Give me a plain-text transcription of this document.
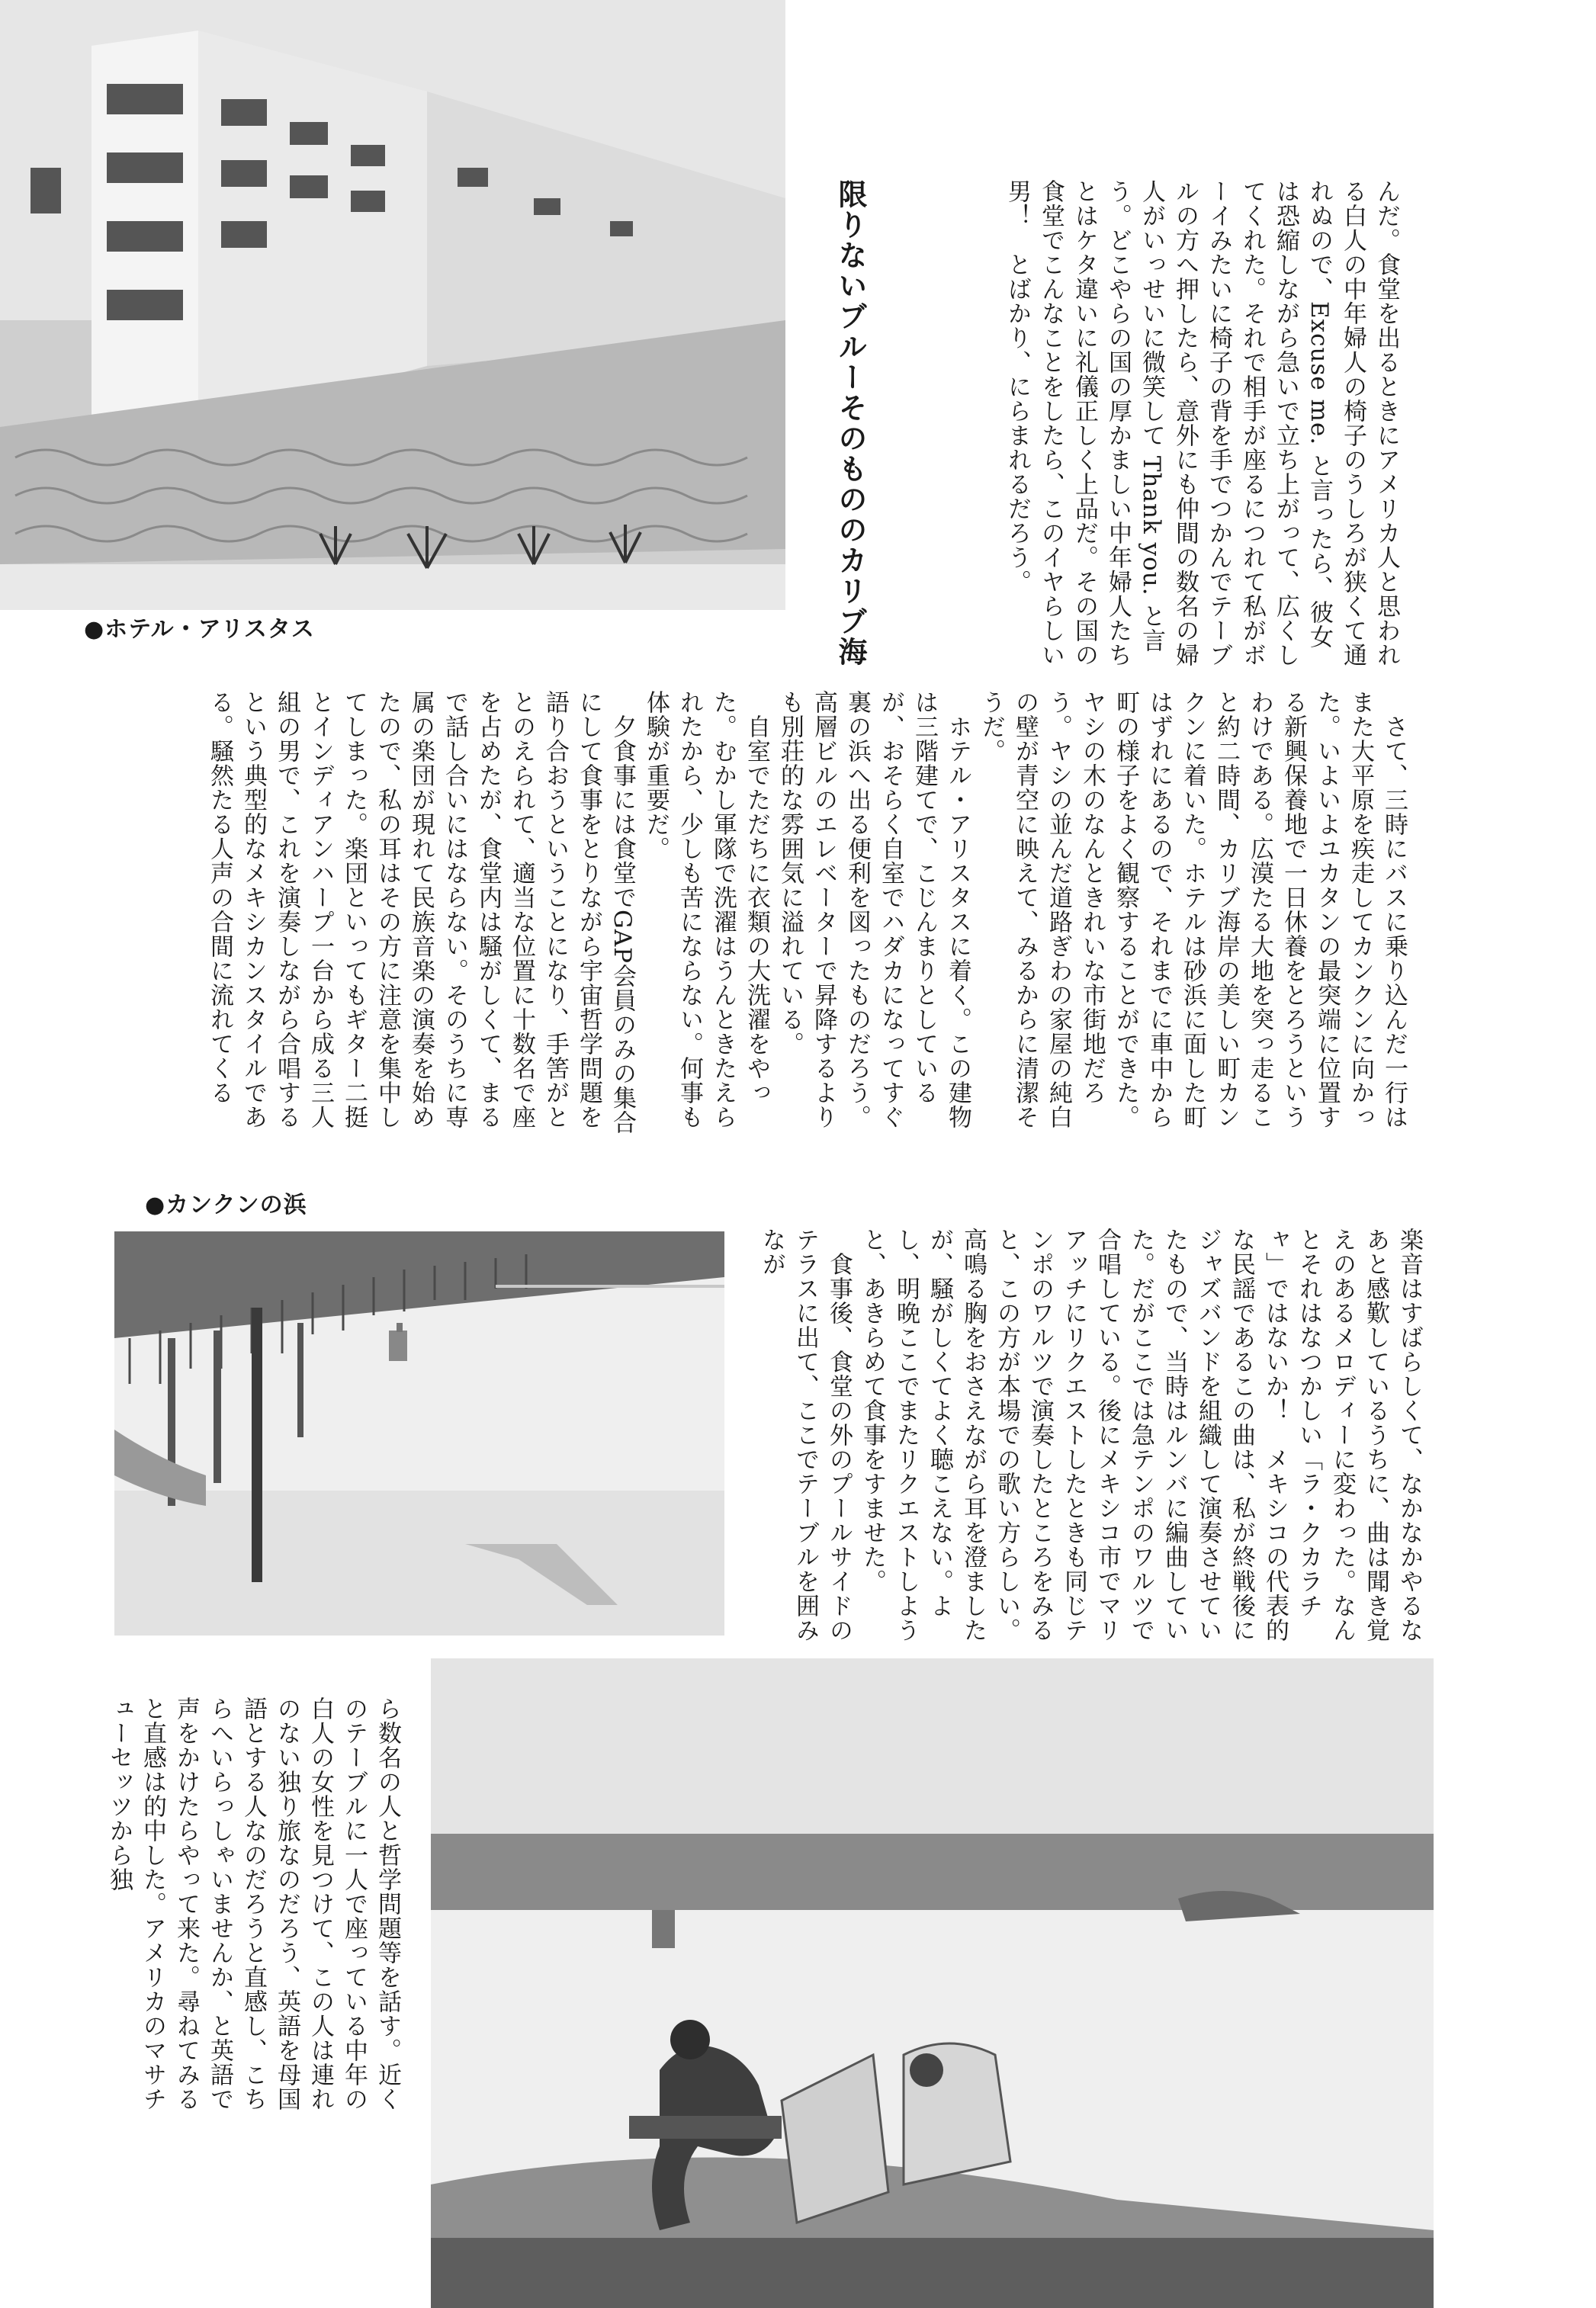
●ホテル・アリスタス	限りないブルーそのもののカリブ海	んだ。食堂を出るときにアメリカ人と思われる白人の中年婦人の椅子のうしろが狭くて通れぬので、Excuse me. と言ったら、彼女は恐縮しながら急いで立ち上がって、広くしてくれた。それで相手が座るにつれて私がボーイみたいに椅子の背を手でつかんでテーブルの方へ押したら、意外にも仲間の数名の婦人がいっせいに微笑して Thank you. と言う。どこやらの国の厚かましい中年婦人たちとはケタ違いに礼儀正しく上品だ。その国の食堂でこんなことをしたら、このイヤらしい男！　とばかり、にらまれるだろう。
　さて、三時にバスに乗り込んだ一行はまた大平原を疾走してカンクンに向かった。いよいよユカタンの最突端に位置する新興保養地で一日休養をとろうというわけである。広漠たる大地を突っ走ること約二時間、カリブ海岸の美しい町カンクンに着いた。ホテルは砂浜に面した町はずれにあるので、それまでに車中から町の様子をよく観察することができた。ヤシの木のなんときれいな市街地だろう。ヤシの並んだ道路ぎわの家屋の純白の壁が青空に映えて、みるからに清潔そうだ。
　ホテル・アリスタスに着く。この建物は三階建てで、こじんまりとしているが、おそらく自室でハダカになってすぐ裏の浜へ出る便利を図ったものだろう。高層ビルのエレベーターで昇降するよりも別荘的な雰囲気に溢れている。
　自室でただちに衣類の大洗濯をやった。むかし軍隊で洗濯はうんときたえられたから、少しも苦にならない。何事も体験が重要だ。
　夕食事には食堂でGAP会員のみの集合にして食事をとりながら宇宙哲学問題を語り合おうということになり、手筈がととのえられて、適当な位置に十数名で座を占めたが、食堂内は騒がしくて、まるで話し合いにはならない。そのうちに専属の楽団が現れて民族音楽の演奏を始めたので、私の耳はその方に注意を集中してしまった。楽団といってもギター二挺とインディアンハープ一台から成る三人組の男で、これを演奏しながら合唱するという典型的なメキシカンスタイルである。騒然たる人声の合間に流れてくる
●カンクンの浜
楽音はすばらしくて、なかなかやるなあと感歎しているうちに、曲は聞き覚えのあるメロディーに変わった。なんとそれはなつかしい「ラ・クカラチャ」ではないか！　メキシコの代表的な民謡であるこの曲は、私が終戦後にジャズバンドを組織して演奏させていたもので、当時はルンバに編曲していた。だがここでは急テンポのワルツで合唱している。後にメキシコ市でマリアッチにリクエストしたときも同じテンポのワルツで演奏したところをみると、この方が本場での歌い方らしい。高鳴る胸をおさえながら耳を澄ましたが、騒がしくてよく聴こえない。よし、明晩ここでまたリクエストしようと、あきらめて食事をすませた。
　食事後、食堂の外のプールサイドのテラスに出て、ここでテーブルを囲みなが
ら数名の人と哲学問題等を話す。近くのテーブルに一人で座っている中年の白人の女性を見つけて、この人は連れのない独り旅なのだろう、英語を母国語とする人なのだろうと直感し、こちらへいらっしゃいませんか、と英語で声をかけたらやって来た。尋ねてみると直感は的中した。アメリカのマサチューセッツから独
